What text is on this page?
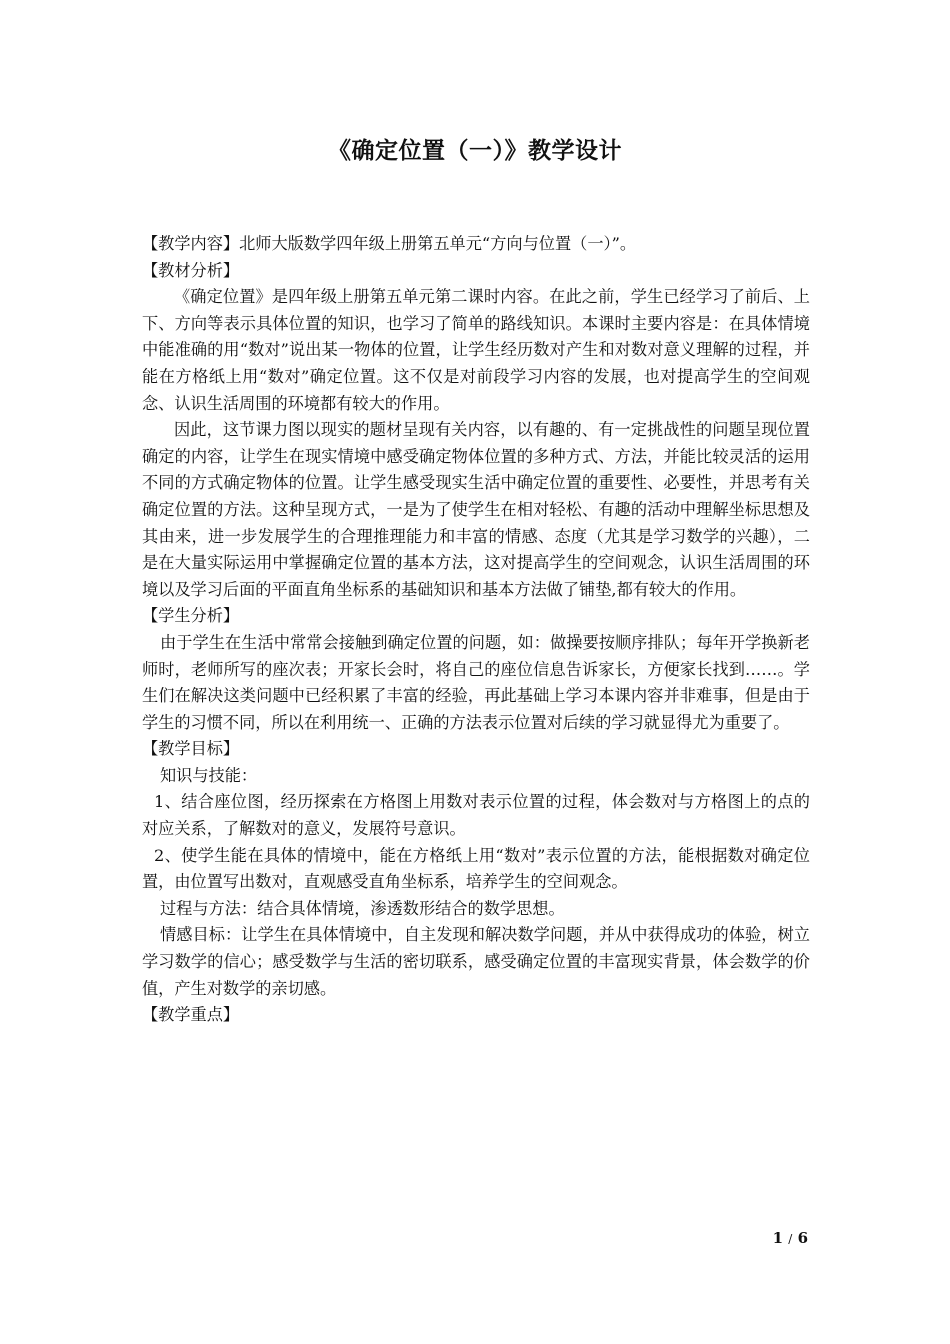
《确定位置（一）》教学设计

【教学内容】北师大版数学四年级上册第五单元“方向与位置（一）”。

【教材分析】

《确定位置》是四年级上册第五单元第二课时内容。在此之前，学生已经学习了前后、上下、方向等表示具体位置的知识，也学习了简单的路线知识。本课时主要内容是：在具体情境中能准确的用“数对”说出某一物体的位置，让学生经历数对产生和对数对意义理解的过程，并能在方格纸上用“数对”确定位置。这不仅是对前段学习内容的发展，也对提高学生的空间观念、认识生活周围的环境都有较大的作用。

因此，这节课力图以现实的题材呈现有关内容，以有趣的、有一定挑战性的问题呈现位置确定的内容，让学生在现实情境中感受确定物体位置的多种方式、方法，并能比较灵活的运用不同的方式确定物体的位置。让学生感受现实生活中确定位置的重要性、必要性，并思考有关确定位置的方法。这种呈现方式，一是为了使学生在相对轻松、有趣的活动中理解坐标思想及其由来，进一步发展学生的合理推理能力和丰富的情感、态度（尤其是学习数学的兴趣），二是在大量实际运用中掌握确定位置的基本方法，这对提高学生的空间观念，认识生活周围的环境以及学习后面的平面直角坐标系的基础知识和基本方法做了铺垫,都有较大的作用。

【学生分析】

由于学生在生活中常常会接触到确定位置的问题，如：做操要按顺序排队；每年开学换新老师时，老师所写的座次表；开家长会时，将自己的座位信息告诉家长，方便家长找到……。学生们在解决这类问题中已经积累了丰富的经验，再此基础上学习本课内容并非难事，但是由于学生的习惯不同，所以在利用统一、正确的方法表示位置对后续的学习就显得尤为重要了。

【教学目标】

知识与技能：

1、结合座位图，经历探索在方格图上用数对表示位置的过程，体会数对与方格图上的点的对应关系，了解数对的意义，发展符号意识。

2、使学生能在具体的情境中，能在方格纸上用“数对”表示位置的方法，能根据数对确定位置，由位置写出数对，直观感受直角坐标系，培养学生的空间观念。

过程与方法：结合具体情境，渗透数形结合的数学思想。

情感目标：让学生在具体情境中，自主发现和解决数学问题，并从中获得成功的体验，树立学习数学的信心；感受数学与生活的密切联系，感受确定位置的丰富现实背景，体会数学的价值，产生对数学的亲切感。

【教学重点】

1 / 6
